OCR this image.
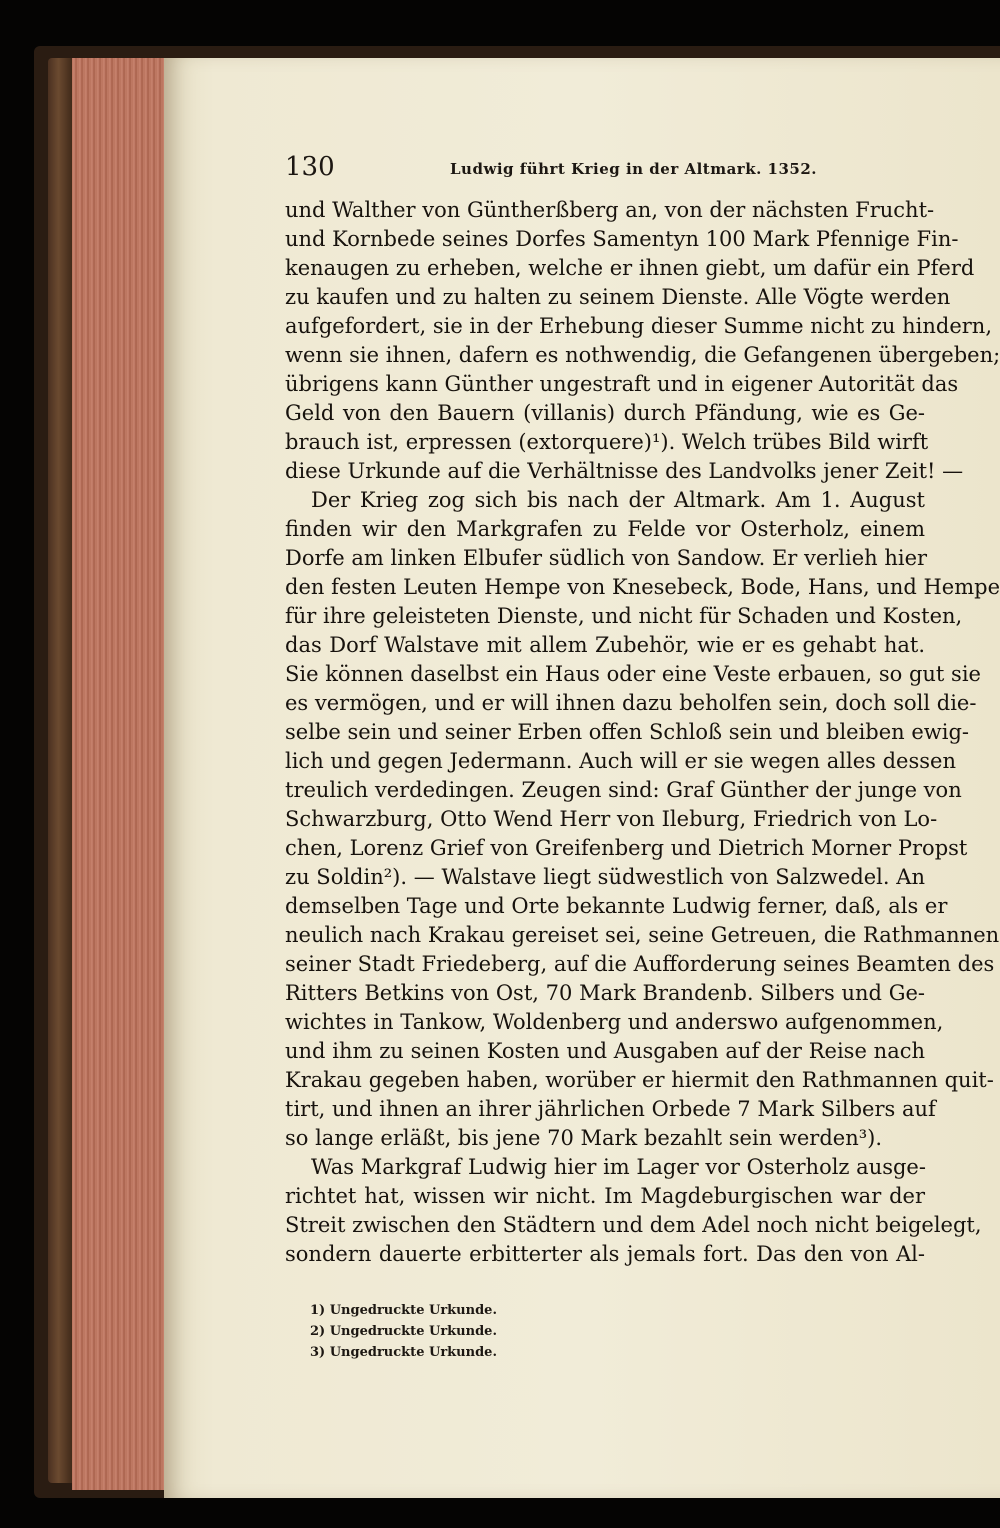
130	Ludwig führt Krieg in der Altmark. 1352.
und Walther von Güntherßberg an, von der nächsten Frucht-
und Kornbede seines Dorfes Samentyn 100 Mark Pfennige Fin-
kenaugen zu erheben, welche er ihnen giebt, um dafür ein Pferd
zu kaufen und zu halten zu seinem Dienste. Alle Vögte werden
aufgefordert, sie in der Erhebung dieser Summe nicht zu hindern,
wenn sie ihnen, dafern es nothwendig, die Gefangenen übergeben;
übrigens kann Günther ungestraft und in eigener Autorität das
Geld von den Bauern (villanis) durch Pfändung, wie es Ge-
brauch ist, erpressen (extorquere)¹). Welch trübes Bild wirft
diese Urkunde auf die Verhältnisse des Landvolks jener Zeit! —
Der Krieg zog sich bis nach der Altmark. Am 1. August
finden wir den Markgrafen zu Felde vor Osterholz, einem
Dorfe am linken Elbufer südlich von Sandow. Er verlieh hier
den festen Leuten Hempe von Knesebeck, Bode, Hans, und Hempe
für ihre geleisteten Dienste, und nicht für Schaden und Kosten,
das Dorf Walstave mit allem Zubehör, wie er es gehabt hat.
Sie können daselbst ein Haus oder eine Veste erbauen, so gut sie
es vermögen, und er will ihnen dazu beholfen sein, doch soll die-
selbe sein und seiner Erben offen Schloß sein und bleiben ewig-
lich und gegen Jedermann. Auch will er sie wegen alles dessen
treulich verdedingen. Zeugen sind: Graf Günther der junge von
Schwarzburg, Otto Wend Herr von Ileburg, Friedrich von Lo-
chen, Lorenz Grief von Greifenberg und Dietrich Morner Propst
zu Soldin²). — Walstave liegt südwestlich von Salzwedel. An
demselben Tage und Orte bekannte Ludwig ferner, daß, als er
neulich nach Krakau gereiset sei, seine Getreuen, die Rathmannen
seiner Stadt Friedeberg, auf die Aufforderung seines Beamten des
Ritters Betkins von Ost, 70 Mark Brandenb. Silbers und Ge-
wichtes in Tankow, Woldenberg und anderswo aufgenommen,
und ihm zu seinen Kosten und Ausgaben auf der Reise nach
Krakau gegeben haben, worüber er hiermit den Rathmannen quit-
tirt, und ihnen an ihrer jährlichen Orbede 7 Mark Silbers auf
so lange erläßt, bis jene 70 Mark bezahlt sein werden³).
Was Markgraf Ludwig hier im Lager vor Osterholz ausge-
richtet hat, wissen wir nicht. Im Magdeburgischen war der
Streit zwischen den Städtern und dem Adel noch nicht beigelegt,
sondern dauerte erbitterter als jemals fort. Das den von Al-
1) Ungedruckte Urkunde.
2) Ungedruckte Urkunde.
3) Ungedruckte Urkunde.
